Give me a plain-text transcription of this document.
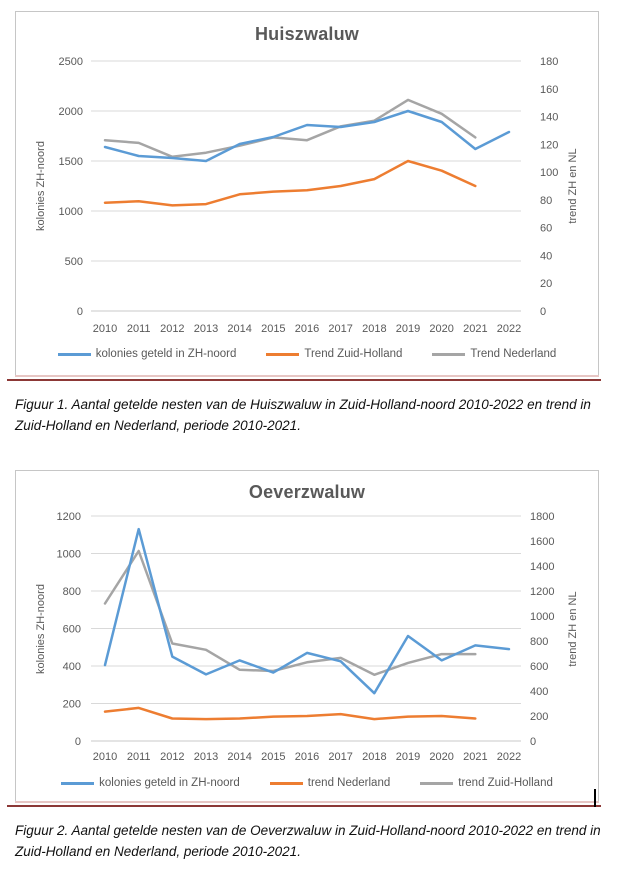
0
500
1000
1500
2000
2500
0
20
40
60
80
100
120
140
160
180
2010 2011 2012 2013 2014 2015 2016 2017 2018 2019 2020 2021 2022
kolonies ZH-noord	trend ZH en NL
Huiszwaluw
kolonies geteld in ZH-noord	Trend Zuid-Holland	Trend Nederland

Figuur 1. Aantal getelde nesten van de Huiszwaluw in Zuid-Holland-noord 2010-2022 en trend in Zuid-Holland en Nederland, periode 2010-2021.

0
200
400
600
800
1000
1200
0
200
400
600
800
1000
1200
1400
1600
1800
2010 2011 2012 2013 2014 2015 2016 2017 2018 2019 2020 2021 2022
kolonies ZH-noord	trend ZH en NL
Oeverzwaluw
kolonies geteld in ZH-noord	trend Nederland	trend Zuid-Holland

Figuur 2. Aantal getelde nesten van de Oeverzwaluw in Zuid-Holland-noord 2010-2022 en trend in Zuid-Holland en Nederland, periode 2010-2021.
